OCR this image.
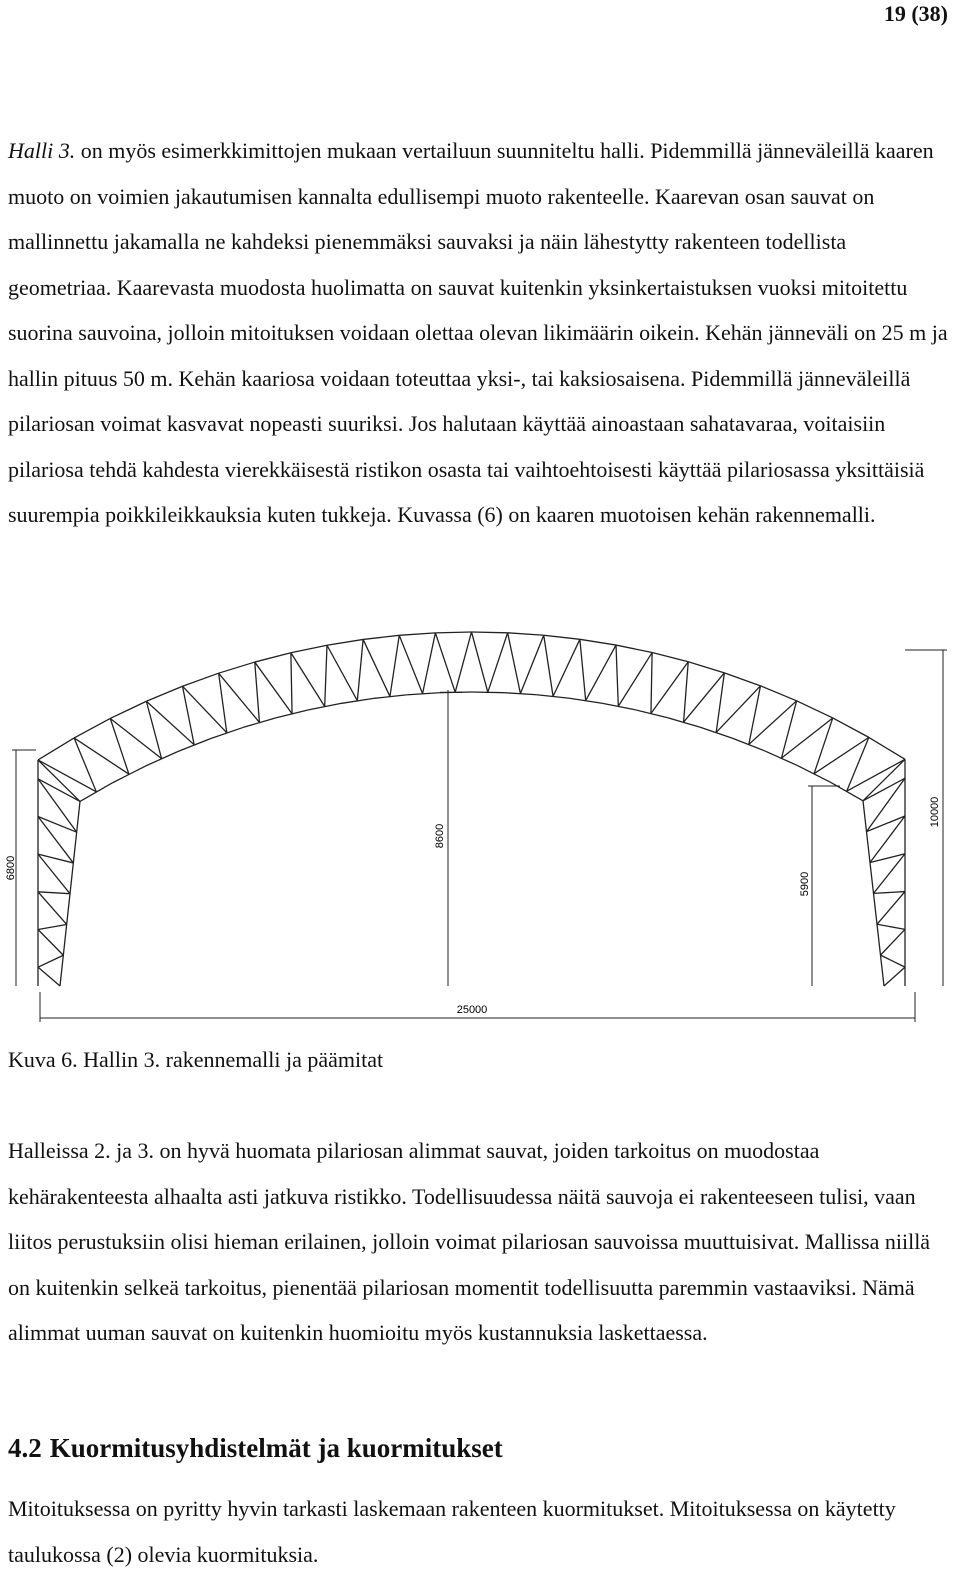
19 (38)

Halli 3. on myös esimerkkimittojen mukaan vertailuun suunniteltu halli. Pidemmillä jänneväleillä kaaren muoto on voimien jakautumisen kannalta edullisempi muoto rakenteelle. Kaarevan osan sauvat on mallinnettu jakamalla ne kahdeksi pienemmäksi sauvaksi ja näin lähestytty rakenteen todellista geometriaa. Kaarevasta muodosta huolimatta on sauvat kuitenkin yksinkertaistuksen vuoksi mitoitettu suorina sauvoina, jolloin mitoituksen voidaan olettaa olevan likimäärin oikein. Kehän jänneväli on 25 m ja hallin pituus 50 m. Kehän kaariosa voidaan toteuttaa yksi-, tai kaksiosaisena. Pidemmillä jänneväleillä pilariosan voimat kasvavat nopeasti suuriksi. Jos halutaan käyttää ainoastaan sahatavaraa, voitaisiin pilariosa tehdä kahdesta vierekkäisestä ristikon osasta tai vaihtoehtoisesti käyttää pilariosassa yksittäisiä suurempia poikkileikkauksia kuten tukkeja. Kuvassa (6) on kaaren muotoisen kehän rakennemalli.

6800
8600
5900
10000
25000

Kuva 6. Hallin 3. rakennemalli ja päämitat

Halleissa 2. ja 3. on hyvä huomata pilariosan alimmat sauvat, joiden tarkoitus on muodostaa kehärakenteesta alhaalta asti jatkuva ristikko. Todellisuudessa näitä sauvoja ei rakenteeseen tulisi, vaan liitos perustuksiin olisi hieman erilainen, jolloin voimat pilariosan sauvoissa muuttuisivat. Mallissa niillä on kuitenkin selkeä tarkoitus, pienentää pilariosan momentit todellisuutta paremmin vastaaviksi. Nämä alimmat uuman sauvat on kuitenkin huomioitu myös kustannuksia laskettaessa.

4.2 Kuormitusyhdistelmät ja kuormitukset

Mitoituksessa on pyritty hyvin tarkasti laskemaan rakenteen kuormitukset. Mitoituksessa on käytetty taulukossa (2) olevia kuormituksia.
